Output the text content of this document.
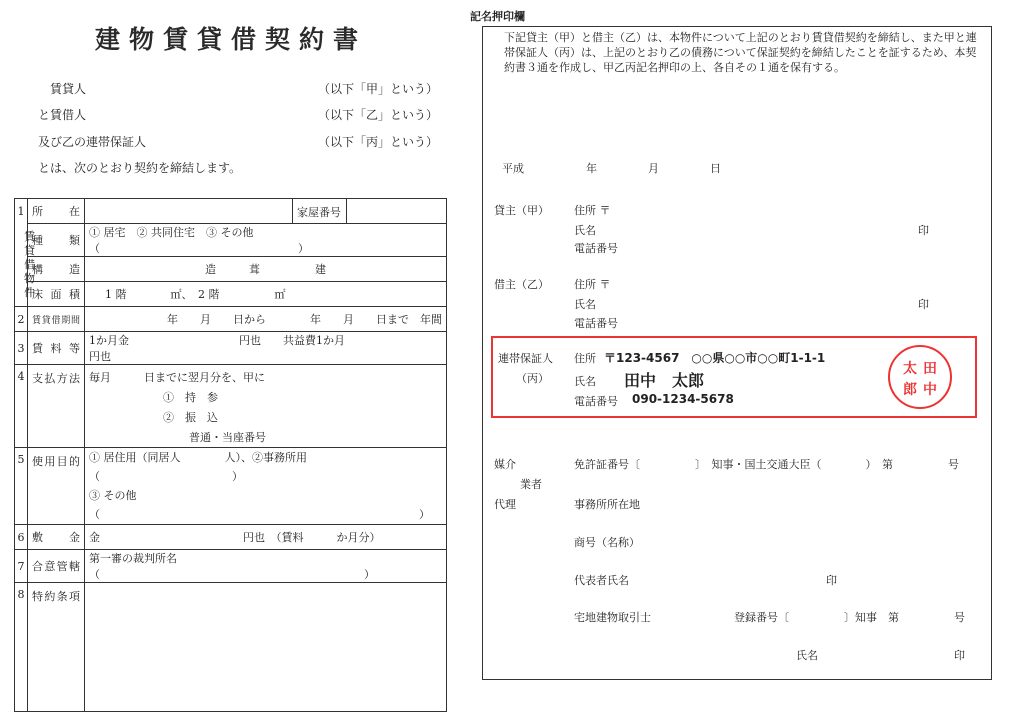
建物賃貸借契約書
賃貸人	（以下「甲」という）
と賃借人	（以下「乙」という）
及び乙の連帯保証人	（以下「丙」という）
とは、次のとおり契約を締結します。
1	所　在	家屋番号

	種　類	① 居宅　② 共同住宅　③ その他（　　　　　　　　　　　　　　　　　　）
	構　造	造　　　葺　　　　　建
	床面積	1 階　　　　㎡、　2 階　　　　　㎡
2	賃貸借期間	年　　月　　日から　　　　年　　月　　日まで　年間
3	賃料等	1か月金　　　　　　　　　　円也　　共益費1か月　　　　　　　　　　円也
4	支払方法	毎月　　　日までに翌月分を、甲に
①　持　参
②　振　込
普通・当座番号

5	使用目的	① 居住用（同居人　　　　人）、②事務所用（　　　　　　　　　　　　）
③ その他（　　　　　　　　　　　　　　　　　　　　　　　　　　　　　）

6	敷　金	金　　　　　　　　　　　　　円也　（賃料　　　か月分）
7	合意管轄	第一審の裁判所名（　　　　　　　　　　　　　　　　　　　　　　　　）
8	特約条項	
賃貸借物件
記名押印欄
下記貸主（甲）と借主（乙）は、本物件について上記のとおり賃貸借契約を締結し、また甲と連帯保証人（丙）は、上記のとおり乙の債務について保証契約を締結したことを証するため、本契約書３通を作成し、甲乙丙記名押印の上、各自その１通を保有する。
平成	年	月	日
貸主（甲） 住所 〒
氏名	印
電話番号
借主（乙） 住所 〒
氏名	印
電話番号
連帯保証人
（丙）
住所 〒123-4567　○○県○○市○○町1-1-1
氏名 田中　太郎
電話番号 090-1234-5678
媒介
業者
代理
免許証番号〔　　　　　〕　知事・国土交通大臣（　　　　）　第　　　　　号
事務所所在地
商号（名称）
代表者氏名	印
宅地建物取引士	登録番号〔　　　　　〕知事　第　　　　　号
氏名	印
太 田
郎 中
